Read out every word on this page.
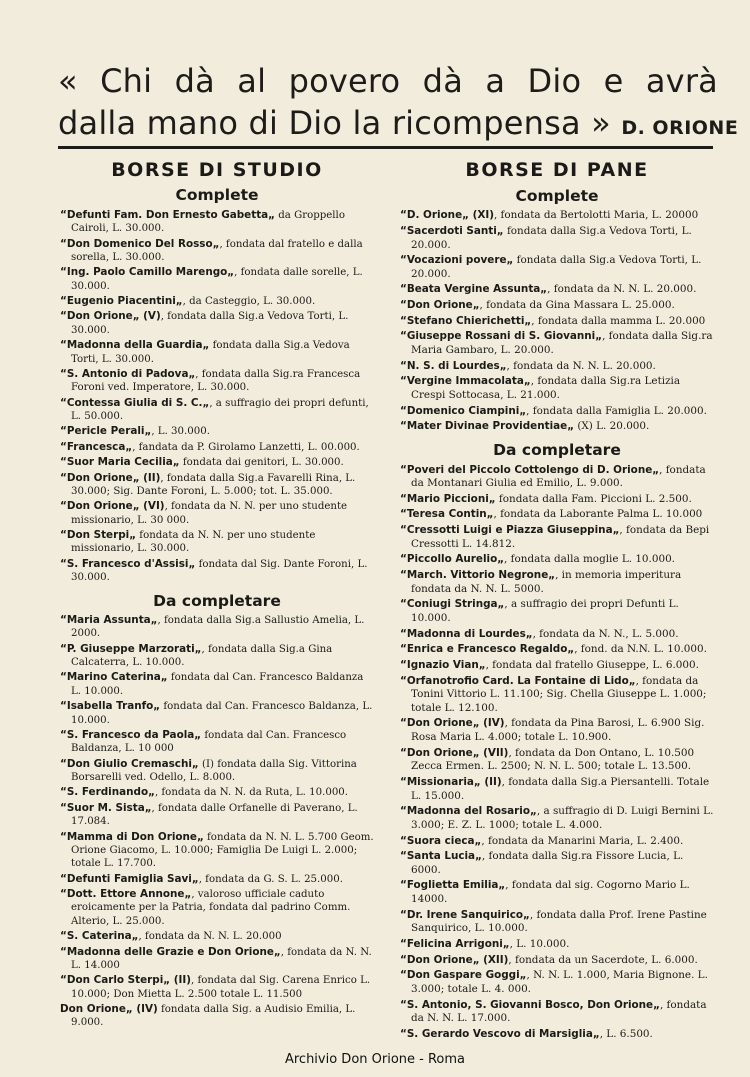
« Chi dà al povero dà a Dio e avrà
dalla mano di Dio la ricompensa » D. ORIONE
BORSE DI STUDIO
Complete
“Defunti Fam. Don Ernesto Gabetta„ da Groppello Cairoli, L. 30.000.
“Don Domenico Del Rosso„, fondata dal fratello e dalla sorella, L. 30.000.
“Ing. Paolo Camillo Marengo„, fondata dalle sorelle, L. 30.000.
“Eugenio Piacentini„, da Casteggio, L. 30.000.
“Don Orione„ (V), fondata dalla Sig.a Vedova Torti, L. 30.000.
“Madonna della Guardia„ fondata dalla Sig.a Vedova Torti, L. 30.000.
“S. Antonio di Padova„, fondata dalla Sig.ra Francesca Foroni ved. Imperatore, L. 30.000.
“Contessa Giulia di S. C.„, a suffragio dei propri defunti, L. 50.000.
“Pericle Perali„, L. 30.000.
“Francesca„, fandata da P. Girolamo Lanzetti, L. 00.000.
“Suor Maria Cecilia„ fondata dai genitori, L. 30.000.
“Don Orione„ (II), fondata dalla Sig.a Favarelli Rina, L. 30.000; Sig. Dante Foroni, L. 5.000; tot. L. 35.000.
“Don Orione„ (VI), fondata da N. N. per uno studente missionario, L. 30 000.
“Don Sterpi„ fondata da N. N. per uno studente missionario, L. 30.000.
“S. Francesco d'Assisi„ fondata dal Sig. Dante Foroni, L. 30.000.
Da completare
“Maria Assunta„, fondata dalla Sig.a Sallustio Amelia, L. 2000.
“P. Giuseppe Marzorati„, fondata dalla Sig.a Gina Calcaterra, L. 10.000.
“Marino Caterina„ fondata dal Can. Francesco Baldanza L. 10.000.
“Isabella Tranfo„ fondata dal Can. Francesco Baldanza, L. 10.000.
“S. Francesco da Paola„ fondata dal Can. Francesco Baldanza, L. 10 000
“Don Giulio Cremaschi„ (I) fondata dalla Sig. Vittorina Borsarelli ved. Odello, L. 8.000.
“S. Ferdinando„, fondata da N. N. da Ruta, L. 10.000.
“Suor M. Sista„, fondata dalle Orfanelle di Paverano, L. 17.084.
“Mamma di Don Orione„ fondata da N. N. L. 5.700 Geom. Orione Giacomo, L. 10.000; Famiglia De Luigi L. 2.000; totale L. 17.700.
“Defunti Famiglia Savi„, fondata da G. S. L. 25.000.
“Dott. Ettore Annone„, valoroso ufficiale caduto eroicamente per la Patria, fondata dal padrino Comm. Alterio, L. 25.000.
“S. Caterina„, fondata da N. N. L. 20.000
“Madonna delle Grazie e Don Orione„, fondata da N. N. L. 14.000
“Don Carlo Sterpi„ (II), fondata dal Sig. Carena Enrico L. 10.000; Don Mietta L. 2.500 totale L. 11.500
Don Orione„ (IV) fondata dalla Sig. a Audisio Emilia, L. 9.000.
BORSE DI PANE
Complete
“D. Orione„ (XI), fondata da Bertolotti Maria, L. 20000
“Sacerdoti Santi„ fondata dalla Sig.a Vedova Torti, L. 20.000.
“Vocazioni povere„ fondata dalla Sig.a Vedova Torti, L. 20.000.
“Beata Vergine Assunta„, fondata da N. N. L. 20.000.
“Don Orione„, fondata da Gina Massara L. 25.000.
“Stefano Chierichetti„, fondata dalla mamma L. 20.000
“Giuseppe Rossani di S. Giovanni„, fondata dalla Sig.ra Maria Gambaro, L. 20.000.
“N. S. di Lourdes„, fondata da N. N. L. 20.000.
“Vergine Immacolata„, fondata dalla Sig.ra Letizia Crespi Sottocasa, L. 21.000.
“Domenico Ciampini„, fondata dalla Famiglia L. 20.000.
“Mater Divinae Providentiae„ (X) L. 20.000.
Da completare
“Poveri del Piccolo Cottolengo di D. Orione„, fondata da Montanari Giulia ed Emilio, L. 9.000.
“Mario Piccioni„ fondata dalla Fam. Piccioni L. 2.500.
“Teresa Contin„, fondata da Laborante Palma L. 10.000
“Cressotti Luigi e Piazza Giuseppina„, fondata da Bepi Cressotti L. 14.812.
“Piccollo Aurelio„, fondata dalla moglie L. 10.000.
“March. Vittorio Negrone„, in memoria imperitura fondata da N. N. L. 5000.
“Coniugi Stringa„, a suffragio dei propri Defunti L. 10.000.
“Madonna di Lourdes„, fondata da N. N., L. 5.000.
“Enrica e Francesco Regaldo„, fond. da N.N. L. 10.000.
“Ignazio Vian„, fondata dal fratello Giuseppe, L. 6.000.
“Orfanotrofio Card. La Fontaine di Lido„, fondata da Tonini Vittorio L. 11.100; Sig. Chella Giuseppe L. 1.000; totale L. 12.100.
“Don Orione„ (IV), fondata da Pina Barosi, L. 6.900 Sig. Rosa Maria L. 4.000; totale L. 10.900.
“Don Orione„ (VII), fondata da Don Ontano, L. 10.500 Zecca Ermen. L. 2500; N. N. L. 500; totale L. 13.500.
“Missionaria„ (II), fondata dalla Sig.a Piersantelli. Totale L. 15.000.
“Madonna del Rosario„, a suffragio di D. Luigi Bernini L. 3.000; E. Z. L. 1000; totale L. 4.000.
“Suora cieca„, fondata da Manarini Maria, L. 2.400.
“Santa Lucia„, fondata dalla Sig.ra Fissore Lucia, L. 6000.
“Foglietta Emilia„, fondata dal sig. Cogorno Mario L. 14000.
“Dr. Irene Sanquirico„, fondata dalla Prof. Irene Pastine Sanquirico, L. 10.000.
“Felicina Arrigoni„, L. 10.000.
“Don Orione„ (XII), fondata da un Sacerdote, L. 6.000.
“Don Gaspare Goggi„, N. N. L. 1.000, Maria Bignone. L. 3.000; totale L. 4. 000.
“S. Antonio, S. Giovanni Bosco, Don Orione„, fondata da N. N. L. 17.000.
“S. Gerardo Vescovo di Marsiglia„, L. 6.500.
Archivio Don Orione - Roma
